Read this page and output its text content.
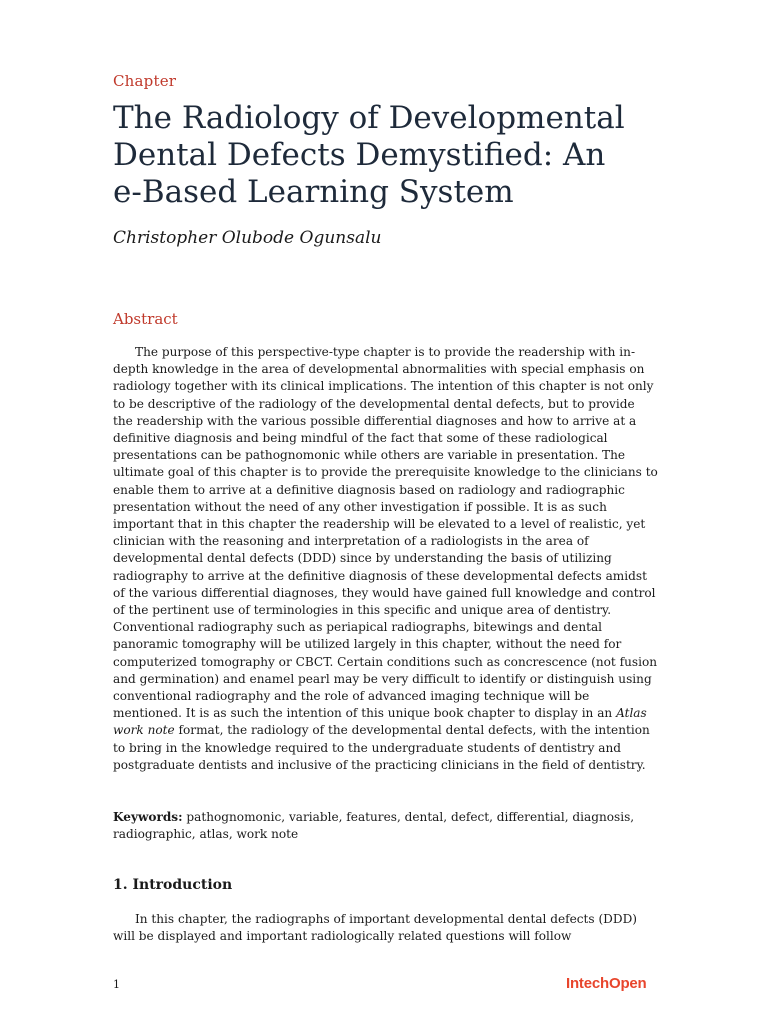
Chapter
The Radiology of Developmental
Dental Defects Demystified: An
e-Based Learning System
Christopher Olubode Ogunsalu
Abstract

The purpose of this perspective-type chapter is to provide the readership with in-depth knowledge in the area of developmental abnormalities with special emphasis on radiology together with its clinical implications. The intention of this chapter is not only to be descriptive of the radiology of the developmental dental defects, but to provide the readership with the various possible differential diagnoses and how to arrive at a definitive diagnosis and being mindful of the fact that some of these radiological presentations can be pathognomonic while others are variable in presentation. The ultimate goal of this chapter is to provide the prerequisite knowledge to the clinicians to enable them to arrive at a definitive diagnosis based on radiology and radiographic presentation without the need of any other investigation if possible. It is as such important that in this chapter the readership will be elevated to a level of realistic, yet clinician with the reasoning and interpretation of a radiologists in the area of developmental dental defects (DDD) since by understanding the basis of utilizing radiography to arrive at the definitive diagnosis of these developmental defects amidst of the various differential diagnoses, they would have gained full knowledge and control of the pertinent use of terminologies in this specific and unique area of dentistry. Conventional radiography such as periapical radiographs, bitewings and dental panoramic tomography will be utilized largely in this chapter, without the need for computerized tomography or CBCT. Certain conditions such as concrescence (not fusion and germination) and enamel pearl may be very difficult to identify or distinguish using conventional radiography and the role of advanced imaging technique will be mentioned. It is as such the intention of this unique book chapter to display in an Atlas work note format, the radiology of the developmental dental defects, with the intention to bring in the knowledge required to the undergraduate students of dentistry and postgraduate dentists and inclusive of the practicing clinicians in the field of dentistry.

Keywords: pathognomonic, variable, features, dental, defect, differential, diagnosis, radiographic, atlas, work note
1. Introduction

In this chapter, the radiographs of important developmental dental defects (DDD) will be displayed and important radiologically related questions will follow

1	IntechOpen
